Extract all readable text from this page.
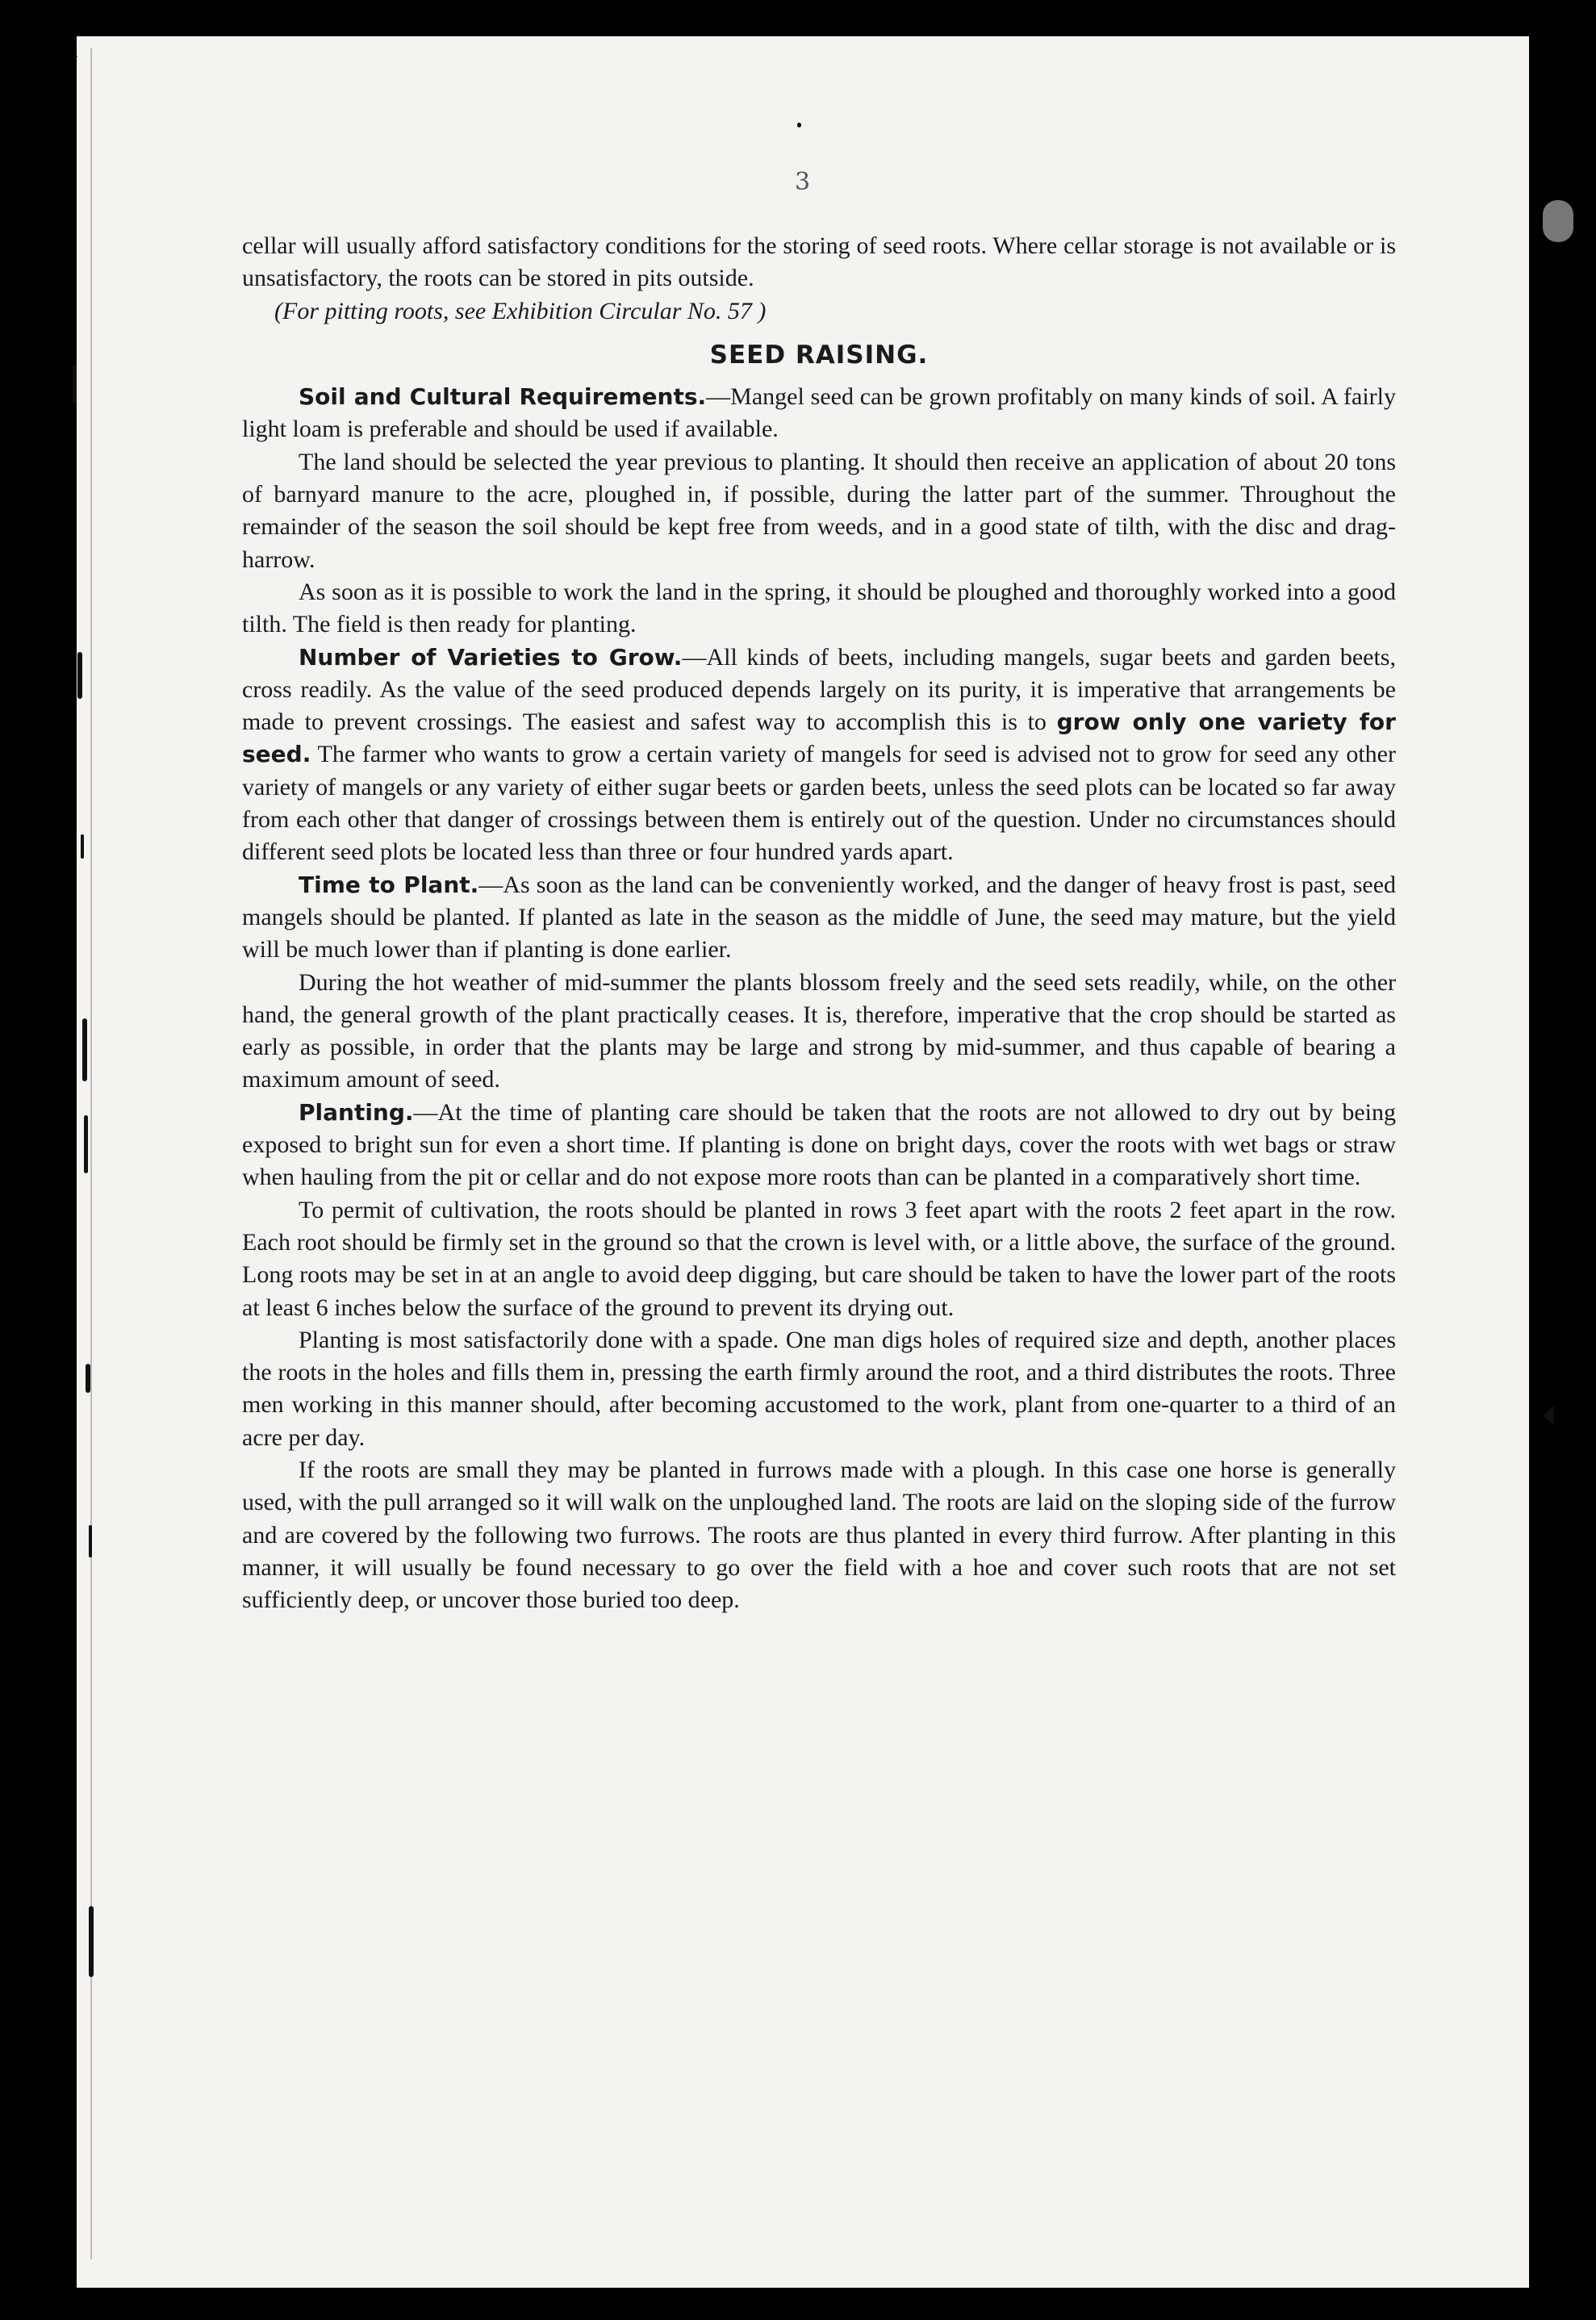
3

cellar will usually afford satisfactory conditions for the storing of seed roots. Where cellar storage is not available or is unsatisfactory, the roots can be stored in pits outside.

(For pitting roots, see Exhibition Circular No. 57 )

SEED RAISING.

Soil and Cultural Requirements.—Mangel seed can be grown profitably on many kinds of soil. A fairly light loam is preferable and should be used if available.

The land should be selected the year previous to planting. It should then receive an application of about 20 tons of barnyard manure to the acre, ploughed in, if possible, during the latter part of the summer. Throughout the remainder of the season the soil should be kept free from weeds, and in a good state of tilth, with the disc and drag-harrow.

As soon as it is possible to work the land in the spring, it should be ploughed and thoroughly worked into a good tilth. The field is then ready for planting.

Number of Varieties to Grow.—All kinds of beets, including mangels, sugar beets and garden beets, cross readily. As the value of the seed produced depends largely on its purity, it is imperative that arrangements be made to prevent crossings. The easiest and safest way to accomplish this is to grow only one variety for seed. The farmer who wants to grow a certain variety of mangels for seed is advised not to grow for seed any other variety of mangels or any variety of either sugar beets or garden beets, unless the seed plots can be located so far away from each other that danger of crossings between them is entirely out of the question. Under no circumstances should different seed plots be located less than three or four hundred yards apart.

Time to Plant.—As soon as the land can be conveniently worked, and the danger of heavy frost is past, seed mangels should be planted. If planted as late in the season as the middle of June, the seed may mature, but the yield will be much lower than if planting is done earlier.

During the hot weather of mid-summer the plants blossom freely and the seed sets readily, while, on the other hand, the general growth of the plant practically ceases. It is, therefore, imperative that the crop should be started as early as possible, in order that the plants may be large and strong by mid-summer, and thus capable of bearing a maximum amount of seed.

Planting.—At the time of planting care should be taken that the roots are not allowed to dry out by being exposed to bright sun for even a short time. If planting is done on bright days, cover the roots with wet bags or straw when hauling from the pit or cellar and do not expose more roots than can be planted in a comparatively short time.

To permit of cultivation, the roots should be planted in rows 3 feet apart with the roots 2 feet apart in the row. Each root should be firmly set in the ground so that the crown is level with, or a little above, the surface of the ground. Long roots may be set in at an angle to avoid deep digging, but care should be taken to have the lower part of the roots at least 6 inches below the surface of the ground to prevent its drying out.

Planting is most satisfactorily done with a spade. One man digs holes of required size and depth, another places the roots in the holes and fills them in, pressing the earth firmly around the root, and a third distributes the roots. Three men working in this manner should, after becoming accustomed to the work, plant from one-quarter to a third of an acre per day.

If the roots are small they may be planted in furrows made with a plough. In this case one horse is generally used, with the pull arranged so it will walk on the unploughed land. The roots are laid on the sloping side of the furrow and are covered by the following two furrows. The roots are thus planted in every third furrow. After planting in this manner, it will usually be found necessary to go over the field with a hoe and cover such roots that are not set sufficiently deep, or uncover those buried too deep.
